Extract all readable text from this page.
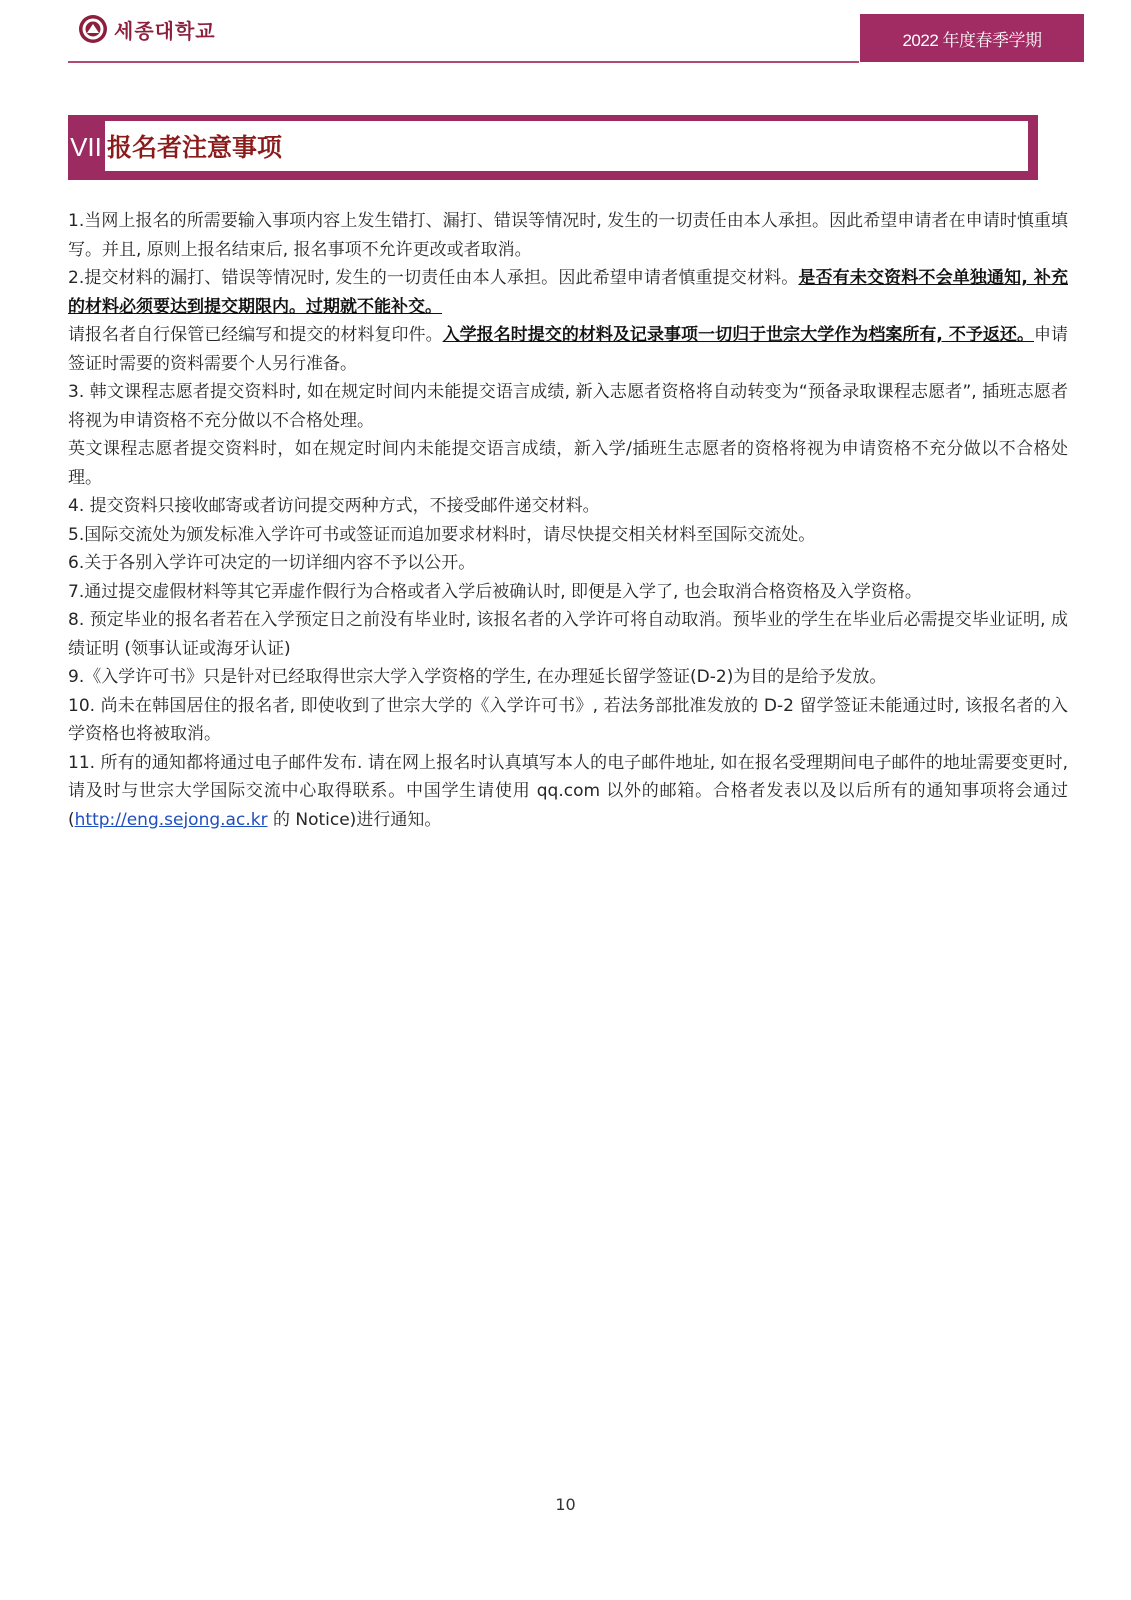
세종대학교	2022 年度春季学期
VII 报名者注意事项

1.当网上报名的所需要输入事项内容上发生错打、漏打、错误等情况时, 发生的一切责任由本人承担。因此希望申请者在申请时慎重填写。并且, 原则上报名结束后, 报名事项不允许更改或者取消。

2.提交材料的漏打、错误等情况时, 发生的一切责任由本人承担。因此希望申请者慎重提交材料。是否有未交资料不会单独通知, 补充的材料必须要达到提交期限内。过期就不能补交。

请报名者自行保管已经编写和提交的材料复印件。入学报名时提交的材料及记录事项一切归于世宗大学作为档案所有, 不予返还。申请签证时需要的资料需要个人另行准备。

3. 韩文课程志愿者提交资料时, 如在规定时间内未能提交语言成绩, 新入志愿者资格将自动转变为“预备录取课程志愿者”, 插班志愿者将视为申请资格不充分做以不合格处理。

英文课程志愿者提交资料时，如在规定时间内未能提交语言成绩，新入学/插班生志愿者的资格将视为申请资格不充分做以不合格处理。

4. 提交资料只接收邮寄或者访问提交两种方式，不接受邮件递交材料。

5.国际交流处为颁发标准入学许可书或签证而追加要求材料时，请尽快提交相关材料至国际交流处。

6.关于各别入学许可决定的一切详细内容不予以公开。

7.通过提交虚假材料等其它弄虚作假行为合格或者入学后被确认时, 即便是入学了, 也会取消合格资格及入学资格。

8. 预定毕业的报名者若在入学预定日之前没有毕业时, 该报名者的入学许可将自动取消。预毕业的学生在毕业后必需提交毕业证明, 成绩证明 (领事认证或海牙认证)

9.《入学许可书》只是针对已经取得世宗大学入学资格的学生, 在办理延长留学签证(D-2)为目的是给予发放。

10. 尚未在韩国居住的报名者, 即使收到了世宗大学的《入学许可书》, 若法务部批准发放的 D-2 留学签证未能通过时, 该报名者的入学资格也将被取消。

11. 所有的通知都将通过电子邮件发布. 请在网上报名时认真填写本人的电子邮件地址, 如在报名受理期间电子邮件的地址需要变更时, 请及时与世宗大学国际交流中心取得联系。中国学生请使用 qq.com 以外的邮箱。合格者发表以及以后所有的通知事项将会通过(http://eng.sejong.ac.kr 的 Notice)进行通知。

10
